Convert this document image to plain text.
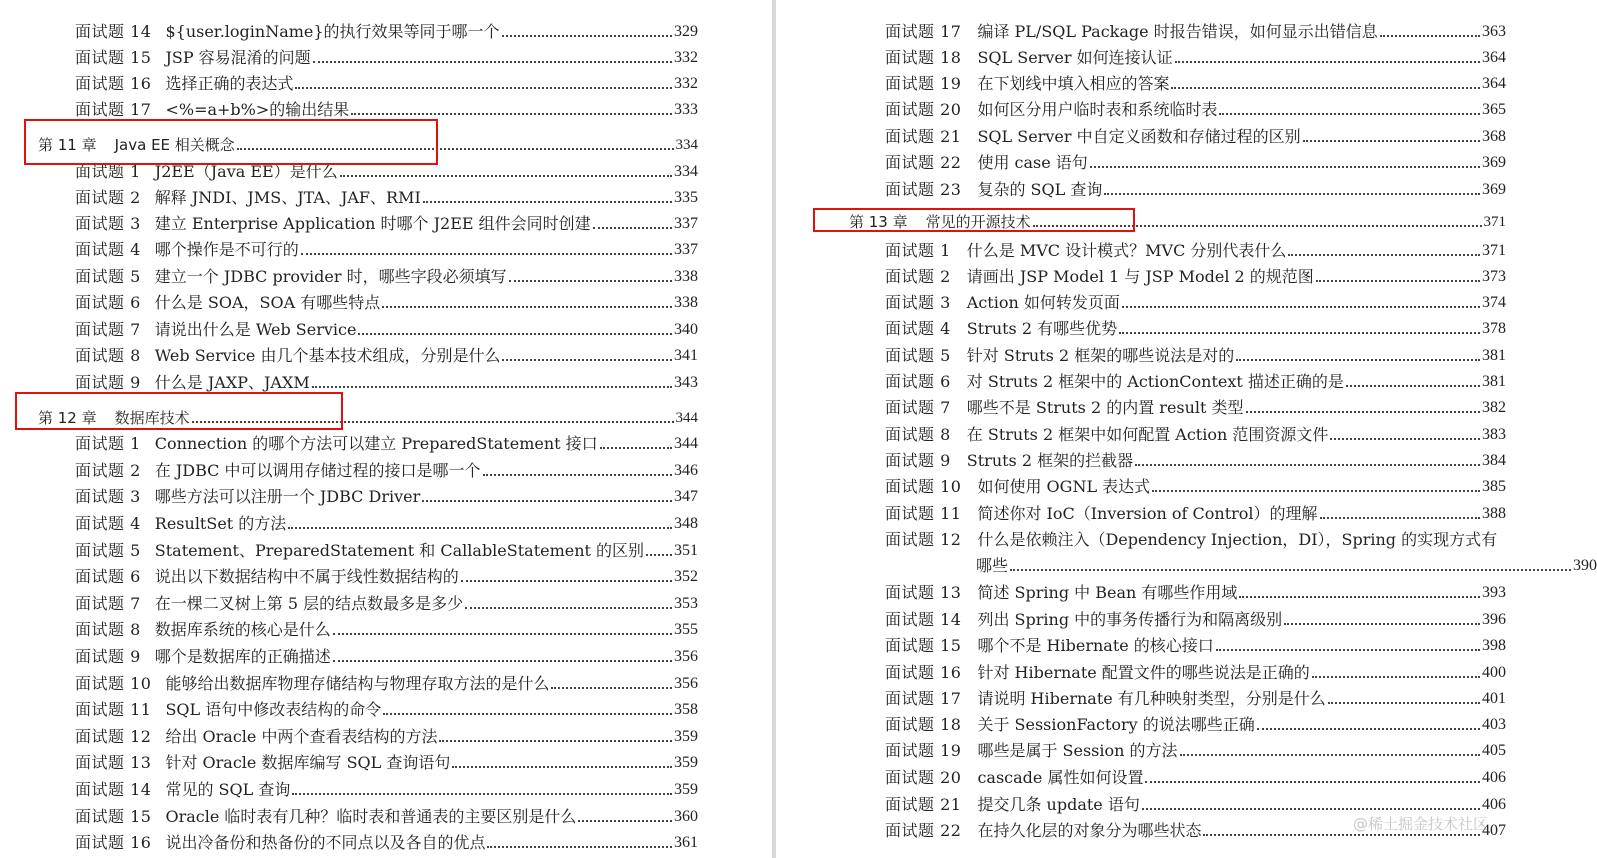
面试题 14 ${user.loginName}的执行效果等同于哪一个	329
面试题 15 JSP 容易混淆的问题	332
面试题 16 选择正确的表达式	332
面试题 17 <%=a+b%>的输出结果	333
第 11 章 Java EE 相关概念	334
面试题 1 J2EE（Java EE）是什么	334
面试题 2 解释 JNDI、JMS、JTA、JAF、RMI	335
面试题 3 建立 Enterprise Application 时哪个 J2EE 组件会同时创建	337
面试题 4 哪个操作是不可行的	337
面试题 5 建立一个 JDBC provider 时，哪些字段必须填写	338
面试题 6 什么是 SOA，SOA 有哪些特点	338
面试题 7 请说出什么是 Web Service	340
面试题 8 Web Service 由几个基本技术组成，分别是什么	341
面试题 9 什么是 JAXP、JAXM	343
第 12 章 数据库技术	344
面试题 1 Connection 的哪个方法可以建立 PreparedStatement 接口	344
面试题 2 在 JDBC 中可以调用存储过程的接口是哪一个	346
面试题 3 哪些方法可以注册一个 JDBC Driver	347
面试题 4 ResultSet 的方法	348
面试题 5 Statement、PreparedStatement 和 CallableStatement 的区别 351
面试题 6 说出以下数据结构中不属于线性数据结构的	352
面试题 7 在一棵二叉树上第 5 层的结点数最多是多少	353
面试题 8 数据库系统的核心是什么	355
面试题 9 哪个是数据库的正确描述	356
面试题 10 能够给出数据库物理存储结构与物理存取方法的是什么	356
面试题 11 SQL 语句中修改表结构的命令	358
面试题 12 给出 Oracle 中两个查看表结构的方法	359
面试题 13 针对 Oracle 数据库编写 SQL 查询语句	359
面试题 14 常见的 SQL 查询	359
面试题 15 Oracle 临时表有几种？临时表和普通表的主要区别是什么	360
面试题 16 说出冷备份和热备份的不同点以及各自的优点	361
面试题 17 编译 PL/SQL Package 时报告错误，如何显示出错信息	363
面试题 18 SQL Server 如何连接认证	364
面试题 19 在下划线中填入相应的答案	364
面试题 20 如何区分用户临时表和系统临时表	365
面试题 21 SQL Server 中自定义函数和存储过程的区别	368
面试题 22 使用 case 语句	369
面试题 23 复杂的 SQL 查询	369
第 13 章 常见的开源技术	371
面试题 1 什么是 MVC 设计模式？MVC 分别代表什么	371
面试题 2 请画出 JSP Model 1 与 JSP Model 2 的规范图	373
面试题 3 Action 如何转发页面	374
面试题 4 Struts 2 有哪些优势	378
面试题 5 针对 Struts 2 框架的哪些说法是对的	381
面试题 6 对 Struts 2 框架中的 ActionContext 描述正确的是	381
面试题 7 哪些不是 Struts 2 的内置 result 类型	382
面试题 8 在 Struts 2 框架中如何配置 Action 范围资源文件	383
面试题 9 Struts 2 框架的拦截器	384
面试题 10 如何使用 OGNL 表达式	385
面试题 11 简述你对 IoC（Inversion of Control）的理解	388
面试题 12 什么是依赖注入（Dependency Injection，DI），Spring 的实现方式有
哪些	390
面试题 13 简述 Spring 中 Bean 有哪些作用域	393
面试题 14 列出 Spring 中的事务传播行为和隔离级别	396
面试题 15 哪个不是 Hibernate 的核心接口	398
面试题 16 针对 Hibernate 配置文件的哪些说法是正确的	400
面试题 17 请说明 Hibernate 有几种映射类型，分别是什么	401
面试题 18 关于 SessionFactory 的说法哪些正确	403
面试题 19 哪些是属于 Session 的方法	405
面试题 20 cascade 属性如何设置	406
面试题 21 提交几条 update 语句	406
面试题 22 在持久化层的对象分为哪些状态	407
@稀土掘金技术社区
